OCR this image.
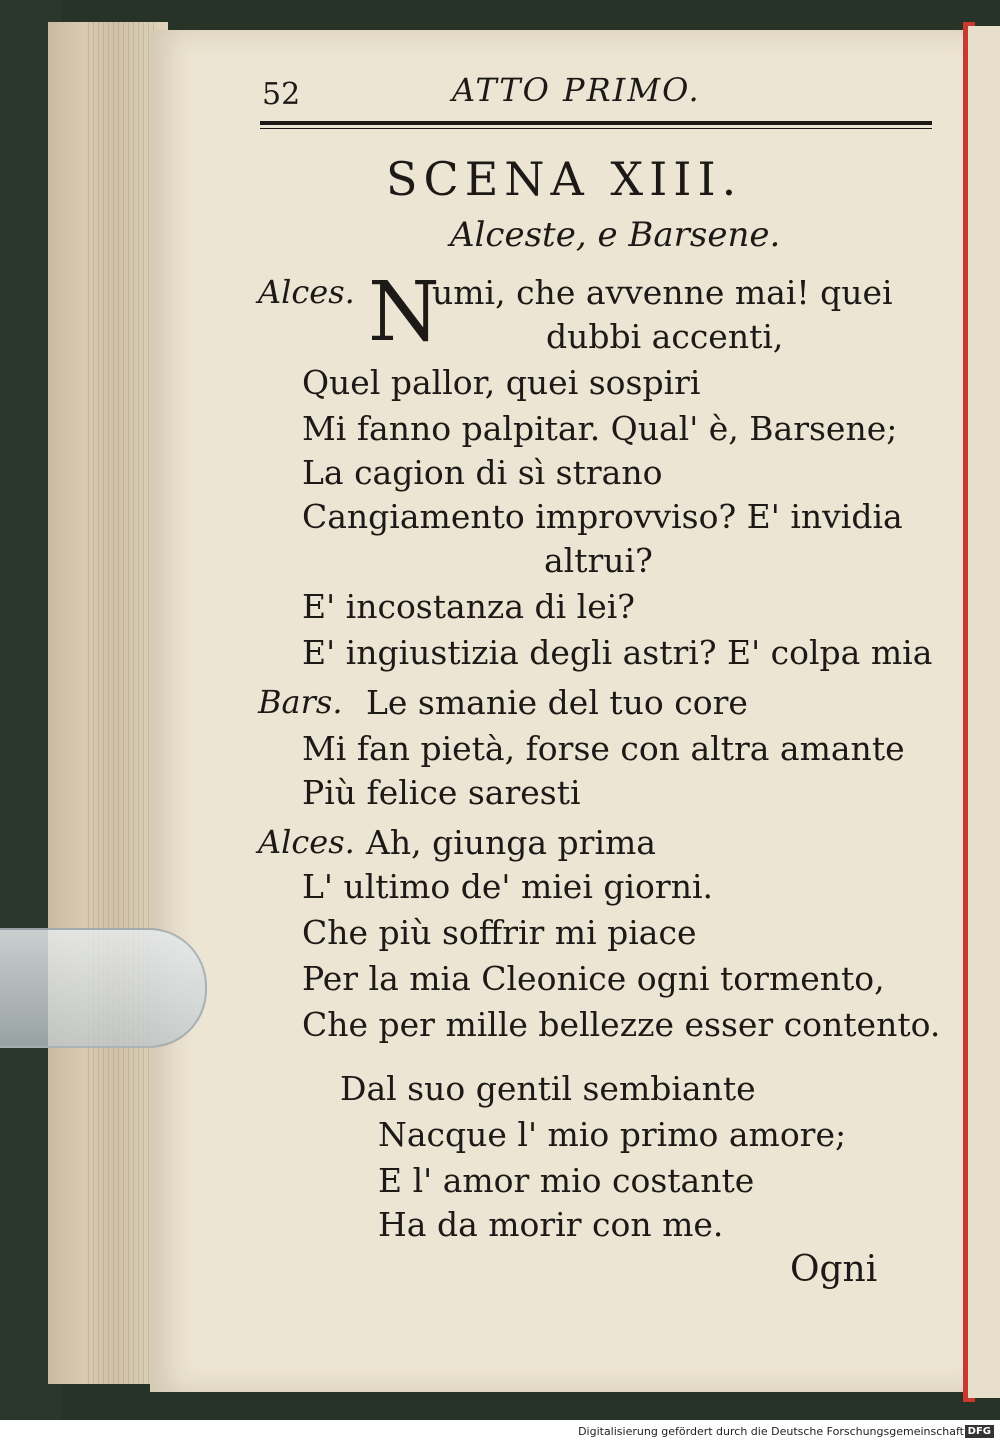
52	ATTO PRIMO.
SCENA XIII.
Alceste, e Barsene.
Alces. N
umi, che avvenne mai! quei
dubbi accenti,
Quel pallor, quei sospiri
Mi fanno palpitar. Qual' è, Barsene;
La cagion di sì strano
Cangiamento improvviso? E' invidia
altrui?
E' incostanza di lei?
E' ingiustizia degli astri? E' colpa mia
Bars. Le smanie del tuo core
Mi fan pietà, forse con altra amante
Più felice saresti
Alces. Ah, giunga prima
L' ultimo de' miei giorni.
Che più soffrir mi piace
Per la mia Cleonice ogni tormento,
Che per mille bellezze esser contento.
Dal suo gentil sembiante
Nacque l' mio primo amore;
E l' amor mio costante
Ha da morir con me.
Ogni
Digitalisierung gefördert durch die Deutsche Forschungsgemeinschaft DFG
